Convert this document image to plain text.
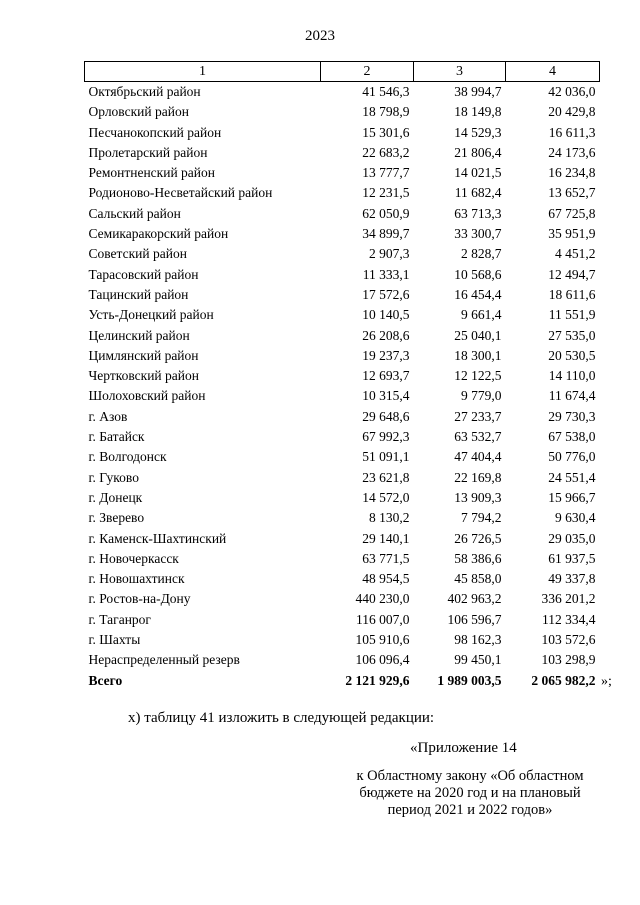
2023
1	2	3	4
Октябрьский район	41 546,3	38 994,7	42 036,0
Орловский район	18 798,9	18 149,8	20 429,8
Песчанокопский район	15 301,6	14 529,3	16 611,3
Пролетарский район	22 683,2	21 806,4	24 173,6
Ремонтненский район	13 777,7	14 021,5	16 234,8
Родионово-Несветайский район	12 231,5	11 682,4	13 652,7
Сальский район	62 050,9	63 713,3	67 725,8
Семикаракорский район	34 899,7	33 300,7	35 951,9
Советский район	2 907,3	2 828,7	4 451,2
Тарасовский район	11 333,1	10 568,6	12 494,7
Тацинский район	17 572,6	16 454,4	18 611,6
Усть-Донецкий район	10 140,5	9 661,4	11 551,9
Целинский район	26 208,6	25 040,1	27 535,0
Цимлянский район	19 237,3	18 300,1	20 530,5
Чертковский район	12 693,7	12 122,5	14 110,0
Шолоховский район	10 315,4	9 779,0	11 674,4
г. Азов	29 648,6	27 233,7	29 730,3
г. Батайск	67 992,3	63 532,7	67 538,0
г. Волгодонск	51 091,1	47 404,4	50 776,0
г. Гуково	23 621,8	22 169,8	24 551,4
г. Донецк	14 572,0	13 909,3	15 966,7
г. Зверево	8 130,2	7 794,2	9 630,4
г. Каменск-Шахтинский	29 140,1	26 726,5	29 035,0
г. Новочеркасск	63 771,5	58 386,6	61 937,5
г. Новошахтинск	48 954,5	45 858,0	49 337,8
г. Ростов-на-Дону	440 230,0	402 963,2	336 201,2
г. Таганрог	116 007,0	106 596,7	112 334,4
г. Шахты	105 910,6	98 162,3	103 572,6
Нераспределенный резерв	106 096,4	99 450,1	103 298,9
Всего	2 121 929,6	1 989 003,5	2 065 982,2 »;
х) таблицу 41 изложить в следующей редакции:
«Приложение 14
к Областному закону «Об областном
бюджете на 2020 год и на плановый
период 2021 и 2022 годов»
